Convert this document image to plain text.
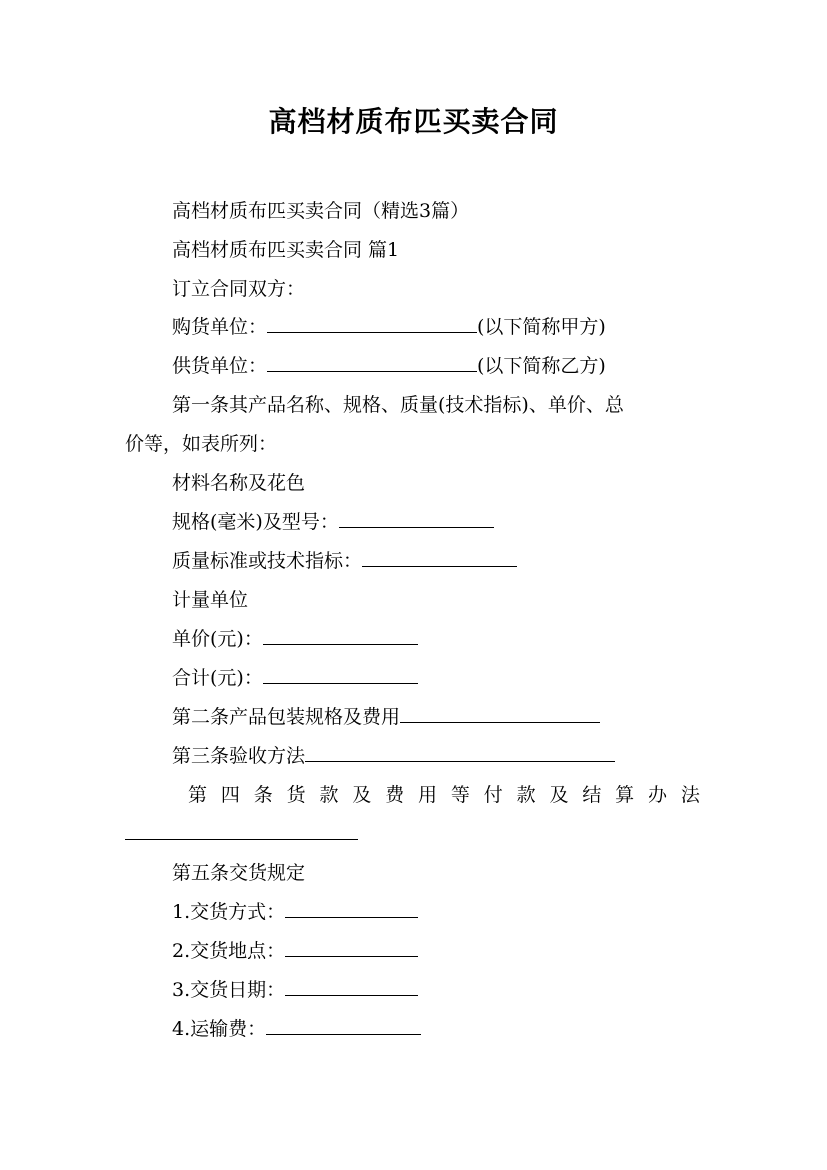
高档材质布匹买卖合同
高档材质布匹买卖合同（精选3篇）
高档材质布匹买卖合同 篇1
订立合同双方：
购货单位：	(以下简称甲方)
供货单位：	(以下简称乙方)
第一条其产品名称、规格、质量(技术指标)、单价、总
价等，如表所列：
材料名称及花色
规格(毫米)及型号：
质量标准或技术指标：
计量单位
单价(元)：
合计(元)：
第二条产品包装规格及费用
第三条验收方法
第 四 条 货 款 及 费 用 等 付 款 及 结 算 办 法
第五条交货规定
1.交货方式：
2.交货地点：
3.交货日期：
4.运输费：
